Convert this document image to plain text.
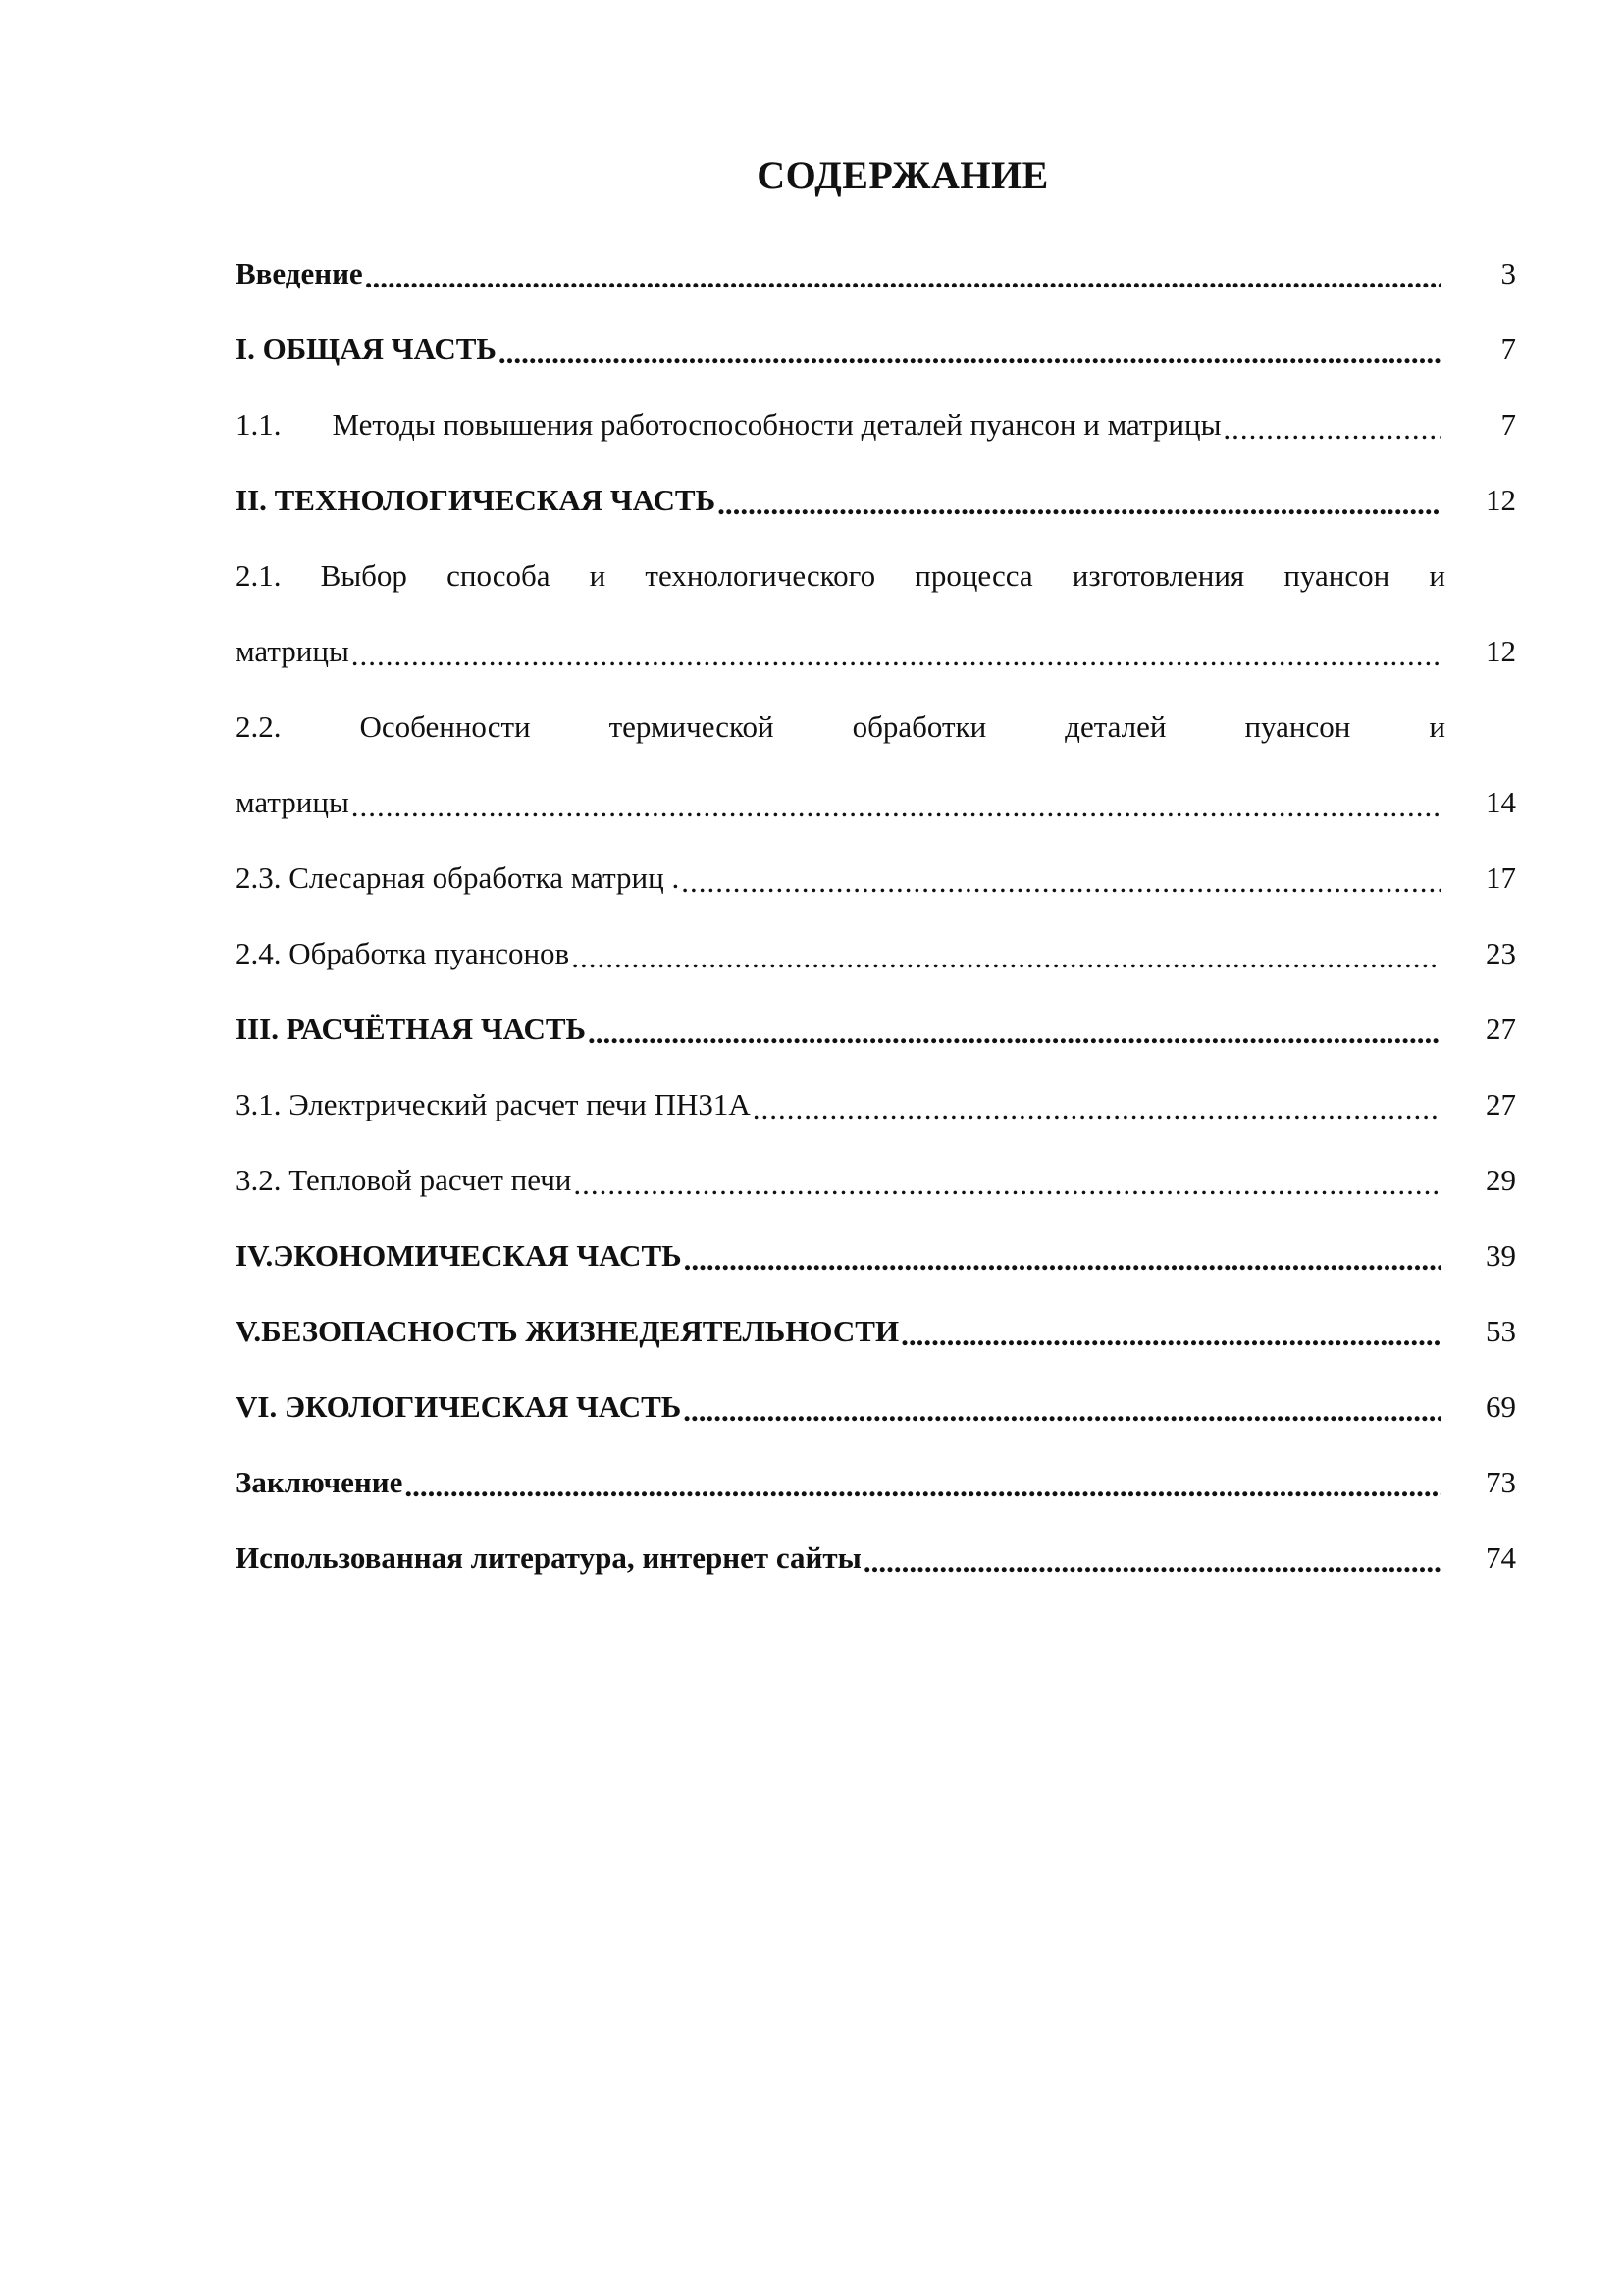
СОДЕРЖАНИЕ
Введение .....	3
I. ОБЩАЯ ЧАСТЬ .....	7
1.1. Методы повышения работоспособности деталей пуансон и матрицы .....	7
II. ТЕХНОЛОГИЧЕСКАЯ ЧАСТЬ .....	12
2.1. Выбор способа и технологического процесса изготовления пуансон и
матрицы .....	12
2.2.	Особенности	термической	обработки	деталей	пуансон	и
матрицы .....	14
2.3. Слесарная обработка матриц . .....	17
2.4. Обработка пуансонов .....	23
III. РАСЧЁТНАЯ ЧАСТЬ .....	27
3.1. Электрический расчет печи ПН31А .....	27
3.2. Тепловой расчет печи .....	29
IV.ЭКОНОМИЧЕСКАЯ ЧАСТЬ .....	39
V.БЕЗОПАСНОСТЬ ЖИЗНЕДЕЯТЕЛЬНОСТИ .....	53
VI. ЭКОЛОГИЧЕСКАЯ ЧАСТЬ .....	69
Заключение .....	73
Использованная литература, интернет сайты .....	74
